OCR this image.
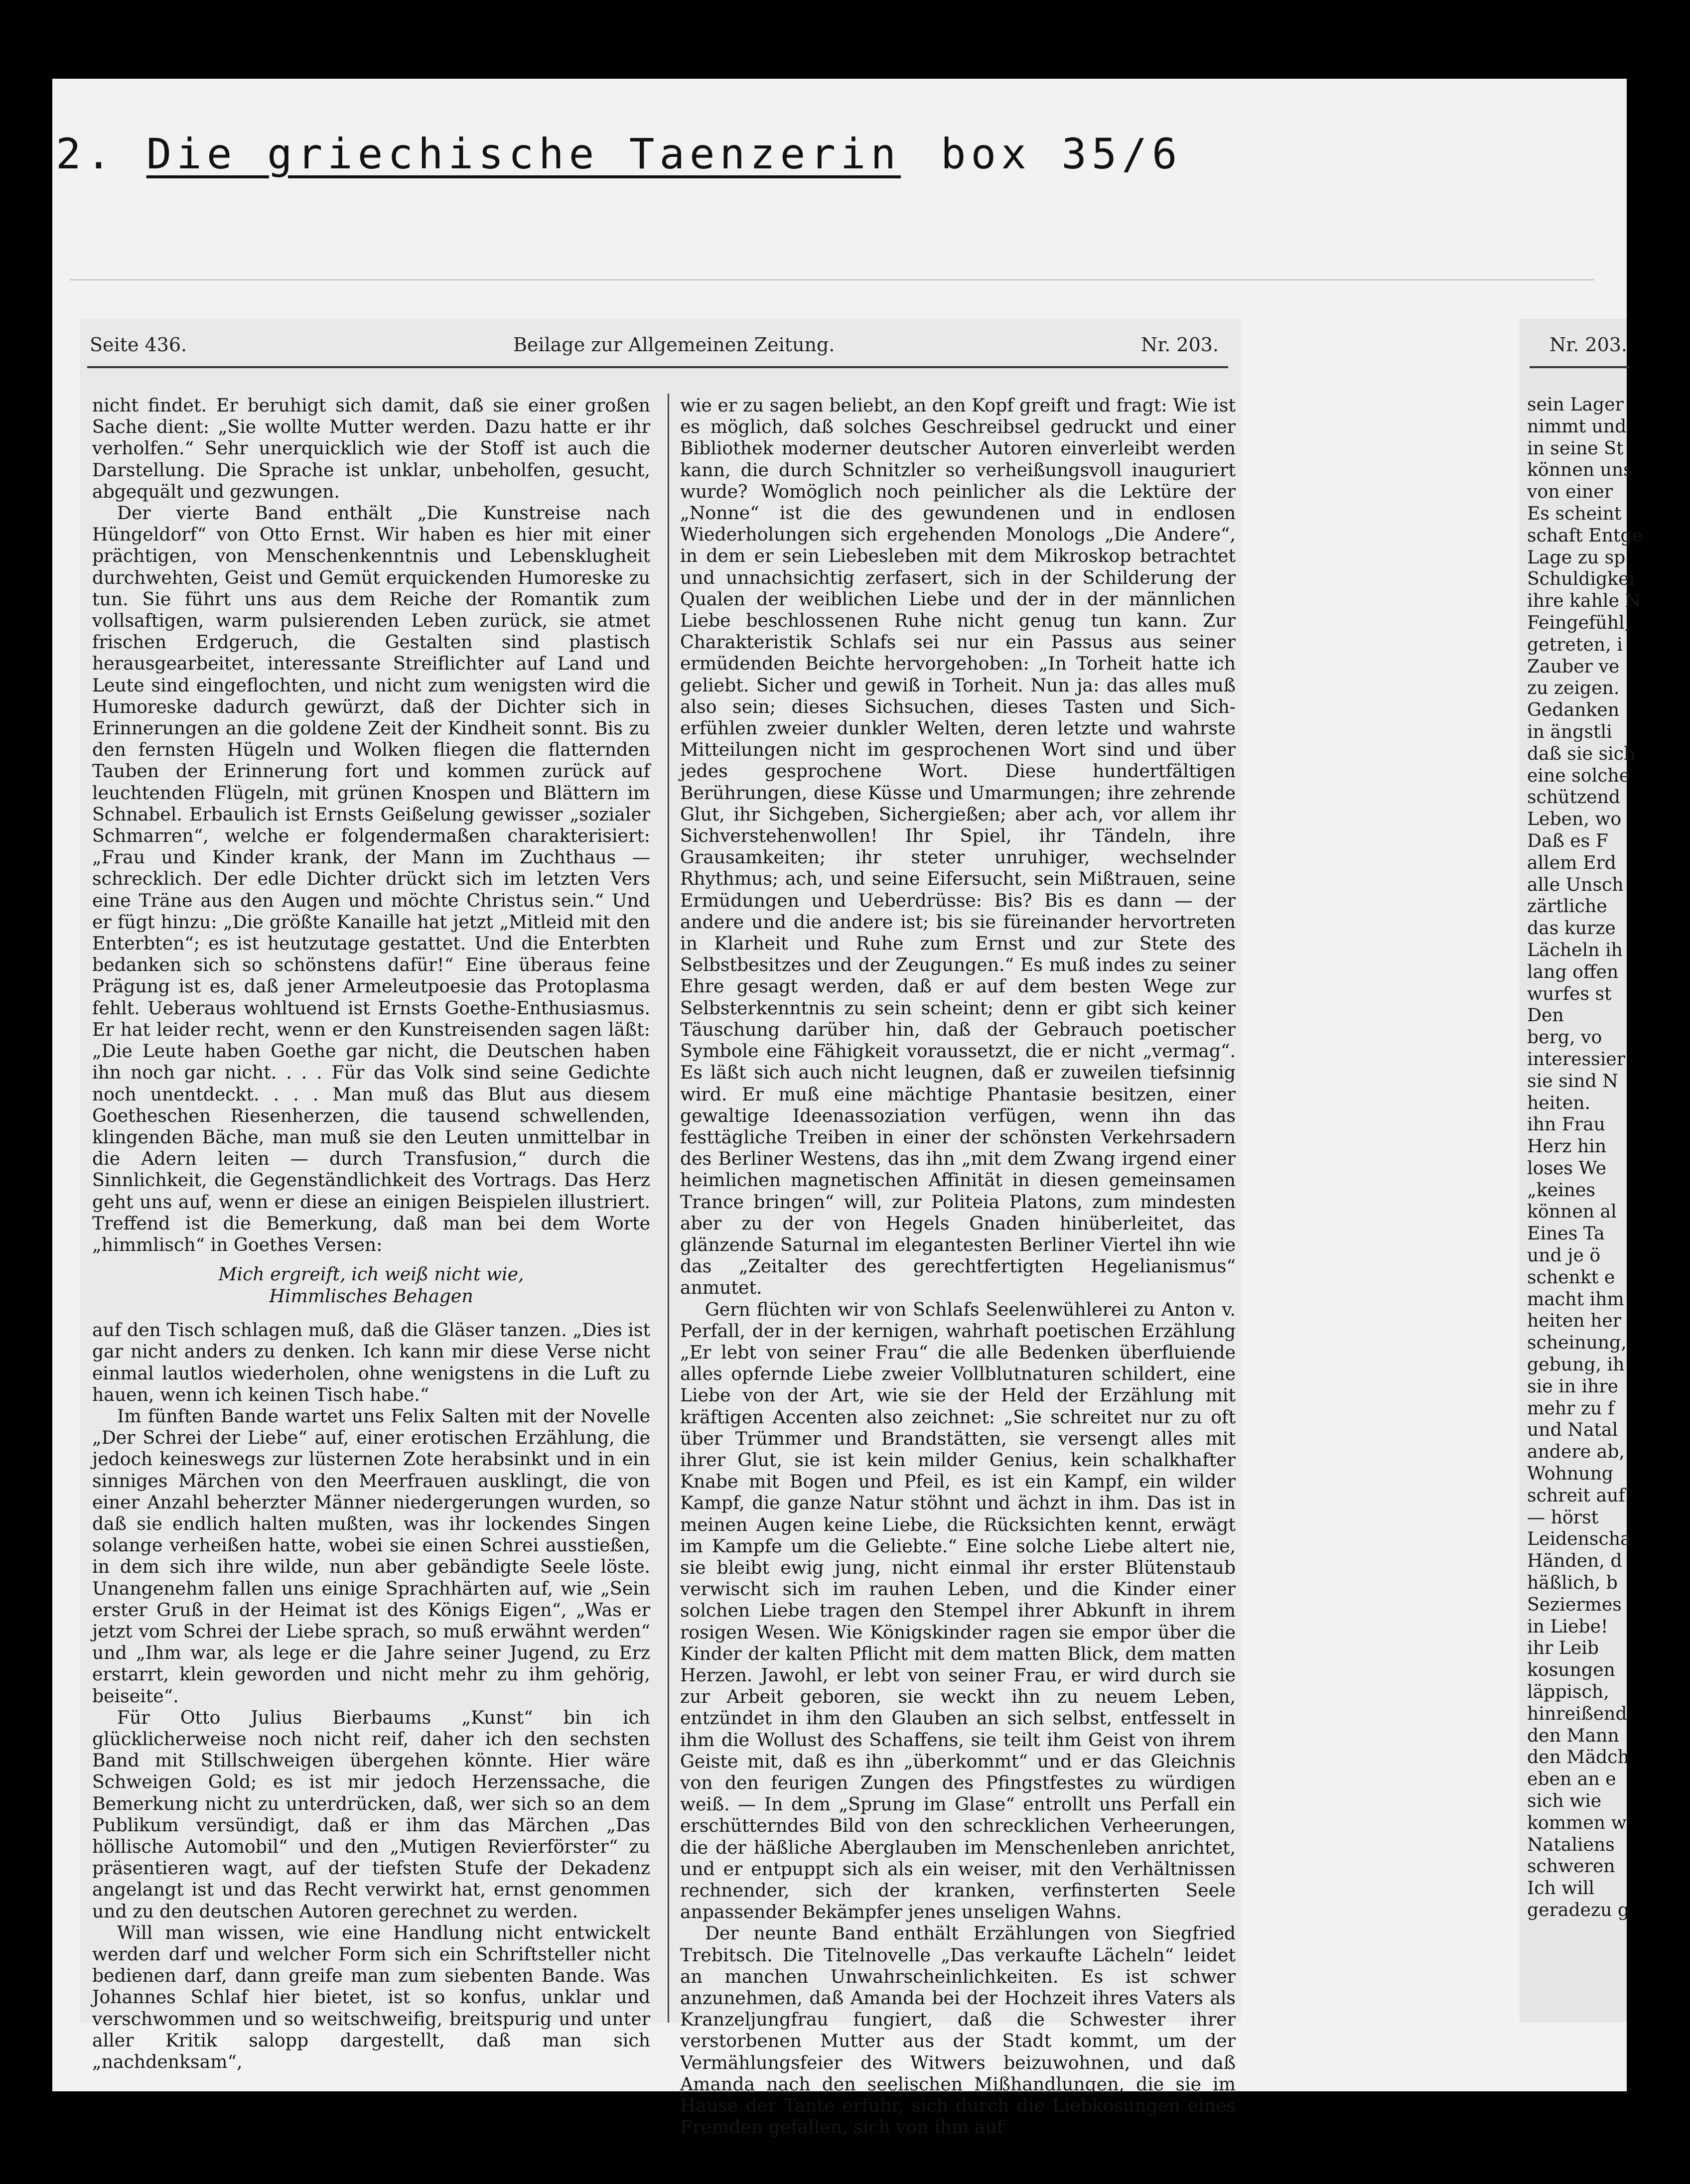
2. Die griechische Taenzerin box 35/6
Seite 436.	Beilage zur Allgemeinen Zeitung.	Nr. 203.	Nr. 203.

nicht findet. Er beruhigt sich damit, daß sie einer großen Sache dient: „Sie wollte Mutter werden. Dazu hatte er ihr verholfen.“ Sehr unerquicklich wie der Stoff ist auch die Darstellung. Die Sprache ist unklar, unbeholfen, gesucht, abgequält und gezwungen.

Der vierte Band enthält „Die Kunstreise nach Hüngeldorf“ von Otto Ernst. Wir haben es hier mit einer prächtigen, von Menschenkenntnis und Lebensklugheit durchwehten, Geist und Gemüt erquickenden Humoreske zu tun. Sie führt uns aus dem Reiche der Romantik zum vollsaftigen, warm pulsierenden Leben zurück, sie atmet frischen Erdgeruch, die Gestalten sind plastisch herausgearbeitet, interessante Streiflichter auf Land und Leute sind eingeflochten, und nicht zum wenigsten wird die Humoreske dadurch gewürzt, daß der Dichter sich in Erinnerungen an die goldene Zeit der Kindheit sonnt. Bis zu den fernsten Hügeln und Wolken fliegen die flatternden Tauben der Erinnerung fort und kommen zurück auf leuchtenden Flügeln, mit grünen Knospen und Blättern im Schnabel. Erbaulich ist Ernsts Geißelung gewisser „sozialer Schmarren“, welche er folgendermaßen charakterisiert: „Frau und Kinder krank, der Mann im Zuchthaus — schrecklich. Der edle Dichter drückt sich im letzten Vers eine Träne aus den Augen und möchte Christus sein.“ Und er fügt hinzu: „Die größte Kanaille hat jetzt „Mitleid mit den Enterbten“; es ist heutzutage gestattet. Und die Enterbten bedanken sich so schönstens dafür!“ Eine überaus feine Prägung ist es, daß jener Armeleutpoesie das Protoplasma fehlt. Ueberaus wohltuend ist Ernsts Goethe-Enthusiasmus. Er hat leider recht, wenn er den Kunstreisenden sagen läßt: „Die Leute haben Goethe gar nicht, die Deutschen haben ihn noch gar nicht. . . . Für das Volk sind seine Gedichte noch unentdeckt. . . . Man muß das Blut aus diesem Goetheschen Riesenherzen, die tausend schwellenden, klingenden Bäche, man muß sie den Leuten unmittelbar in die Adern leiten — durch Transfusion,“ durch die Sinnlichkeit, die Gegenständlichkeit des Vortrags. Das Herz geht uns auf, wenn er diese an einigen Beispielen illustriert. Treffend ist die Bemerkung, daß man bei dem Worte „himmlisch“ in Goethes Versen:

Mich ergreift, ich weiß nicht wie,
Himmlisches Behagen

auf den Tisch schlagen muß, daß die Gläser tanzen. „Dies ist gar nicht anders zu denken. Ich kann mir diese Verse nicht einmal lautlos wiederholen, ohne wenigstens in die Luft zu hauen, wenn ich keinen Tisch habe.“

Im fünften Bande wartet uns Felix Salten mit der Novelle „Der Schrei der Liebe“ auf, einer erotischen Erzählung, die jedoch keineswegs zur lüsternen Zote herabsinkt und in ein sinniges Märchen von den Meerfrauen ausklingt, die von einer Anzahl beherzter Männer niedergerungen wurden, so daß sie endlich halten mußten, was ihr lockendes Singen solange verheißen hatte, wobei sie einen Schrei ausstießen, in dem sich ihre wilde, nun aber gebändigte Seele löste. Unangenehm fallen uns einige Sprachhärten auf, wie „Sein erster Gruß in der Heimat ist des Königs Eigen“, „Was er jetzt vom Schrei der Liebe sprach, so muß erwähnt werden“ und „Ihm war, als lege er die Jahre seiner Jugend, zu Erz erstarrt, klein geworden und nicht mehr zu ihm gehörig, beiseite“.

Für Otto Julius Bierbaums „Kunst“ bin ich glücklicherweise noch nicht reif, daher ich den sechsten Band mit Stillschweigen übergehen könnte. Hier wäre Schweigen Gold; es ist mir jedoch Herzenssache, die Bemerkung nicht zu unterdrücken, daß, wer sich so an dem Publikum versündigt, daß er ihm das Märchen „Das höllische Automobil“ und den „Mutigen Revierförster“ zu präsentieren wagt, auf der tiefsten Stufe der Dekadenz angelangt ist und das Recht verwirkt hat, ernst genommen und zu den deutschen Autoren gerechnet zu werden.

Will man wissen, wie eine Handlung nicht entwickelt werden darf und welcher Form sich ein Schriftsteller nicht bedienen darf, dann greife man zum siebenten Bande. Was Johannes Schlaf hier bietet, ist so konfus, unklar und verschwommen und so weitschweifig, breitspurig und unter aller Kritik salopp dargestellt, daß man sich „nachdenksam“,

wie er zu sagen beliebt, an den Kopf greift und fragt: Wie ist es möglich, daß solches Geschreibsel gedruckt und einer Bibliothek moderner deutscher Autoren einverleibt werden kann, die durch Schnitzler so verheißungsvoll inauguriert wurde? Womöglich noch peinlicher als die Lektüre der „Nonne“ ist die des gewundenen und in endlosen Wiederholungen sich ergehenden Monologs „Die Andere“, in dem er sein Liebesleben mit dem Mikroskop betrachtet und unnachsichtig zerfasert, sich in der Schilderung der Qualen der weiblichen Liebe und der in der männlichen Liebe beschlossenen Ruhe nicht genug tun kann. Zur Charakteristik Schlafs sei nur ein Passus aus seiner ermüdenden Beichte hervorgehoben: „In Torheit hatte ich geliebt. Sicher und gewiß in Torheit. Nun ja: das alles muß also sein; dieses Sichsuchen, dieses Tasten und Sich-erfühlen zweier dunkler Welten, deren letzte und wahrste Mitteilungen nicht im gesprochenen Wort sind und über jedes gesprochene Wort. Diese hundertfältigen Berührungen, diese Küsse und Umarmungen; ihre zehrende Glut, ihr Sichgeben, Sichergießen; aber ach, vor allem ihr Sichverstehenwollen! Ihr Spiel, ihr Tändeln, ihre Grausamkeiten; ihr steter unruhiger, wechselnder Rhythmus; ach, und seine Eifersucht, sein Mißtrauen, seine Ermüdungen und Ueberdrüsse: Bis? Bis es dann — der andere und die andere ist; bis sie füreinander hervortreten in Klarheit und Ruhe zum Ernst und zur Stete des Selbstbesitzes und der Zeugungen.“ Es muß indes zu seiner Ehre gesagt werden, daß er auf dem besten Wege zur Selbsterkenntnis zu sein scheint; denn er gibt sich keiner Täuschung darüber hin, daß der Gebrauch poetischer Symbole eine Fähigkeit voraussetzt, die er nicht „vermag“. Es läßt sich auch nicht leugnen, daß er zuweilen tiefsinnig wird. Er muß eine mächtige Phantasie besitzen, einer gewaltige Ideenassoziation verfügen, wenn ihn das festtägliche Treiben in einer der schönsten Verkehrsadern des Berliner Westens, das ihn „mit dem Zwang irgend einer heimlichen magnetischen Affinität in diesen gemeinsamen Trance bringen“ will, zur Politeia Platons, zum mindesten aber zu der von Hegels Gnaden hinüberleitet, das glänzende Saturnal im elegantesten Berliner Viertel ihn wie das „Zeitalter des gerechtfertigten Hegelianismus“ anmutet.

Gern flüchten wir von Schlafs Seelenwühlerei zu Anton v. Perfall, der in der kernigen, wahrhaft poetischen Erzählung „Er lebt von seiner Frau“ die alle Bedenken überfluiende alles opfernde Liebe zweier Vollblutnaturen schildert, eine Liebe von der Art, wie sie der Held der Erzählung mit kräftigen Accenten also zeichnet: „Sie schreitet nur zu oft über Trümmer und Brandstätten, sie versengt alles mit ihrer Glut, sie ist kein milder Genius, kein schalkhafter Knabe mit Bogen und Pfeil, es ist ein Kampf, ein wilder Kampf, die ganze Natur stöhnt und ächzt in ihm. Das ist in meinen Augen keine Liebe, die Rücksichten kennt, erwägt im Kampfe um die Geliebte.“ Eine solche Liebe altert nie, sie bleibt ewig jung, nicht einmal ihr erster Blütenstaub verwischt sich im rauhen Leben, und die Kinder einer solchen Liebe tragen den Stempel ihrer Abkunft in ihrem rosigen Wesen. Wie Königskinder ragen sie empor über die Kinder der kalten Pflicht mit dem matten Blick, dem matten Herzen. Jawohl, er lebt von seiner Frau, er wird durch sie zur Arbeit geboren, sie weckt ihn zu neuem Leben, entzündet in ihm den Glauben an sich selbst, entfesselt in ihm die Wollust des Schaffens, sie teilt ihm Geist von ihrem Geiste mit, daß es ihn „überkommt“ und er das Gleichnis von den feurigen Zungen des Pfingstfestes zu würdigen weiß. — In dem „Sprung im Glase“ entrollt uns Perfall ein erschütterndes Bild von den schrecklichen Verheerungen, die der häßliche Aberglauben im Menschenleben anrichtet, und er entpuppt sich als ein weiser, mit den Verhältnissen rechnender, sich der kranken, verfinsterten Seele anpassender Bekämpfer jenes unseligen Wahns.

Der neunte Band enthält Erzählungen von Siegfried Trebitsch. Die Titelnovelle „Das verkaufte Lächeln“ leidet an manchen Unwahrscheinlichkeiten. Es ist schwer anzunehmen, daß Amanda bei der Hochzeit ihres Vaters als Kranzeljungfrau fungiert, daß die Schwester ihrer verstorbenen Mutter aus der Stadt kommt, um der Vermählungsfeier des Witwers beizuwohnen, und daß Amanda nach den seelischen Mißhandlungen, die sie im Hause der Tante erfuhr, sich durch die Liebkosungen eines Fremden gefallen, sich von ihm auf

sein Lager
nimmt und
in seine St
können uns
von einer
Es scheint
schaft Entge
Lage zu sp
Schuldigkei
ihre kahle N
Feingefühl,
getreten, i
Zauber ve
zu zeigen.
Gedanken
in ängstli
daß sie sich
eine solche
schützend
Leben, wo
Daß es F
allem Erd
alle Unsch
zärtliche
das kurze
Lächeln ih
lang offen
wurfes st
Den
berg, vo
interessier
sie sind N
heiten.
ihn Frau
Herz hin
loses We
„keines
können al
Eines Ta
und je ö
schenkt e
macht ihm
heiten her
scheinung,
gebung, ih
sie in ihre
mehr zu f
und Natal
andere ab,
Wohnung
schreit auf
— hörst
Leidenscha
Händen, d
häßlich, b
Seziermes
in Liebe!
ihr Leib
kosungen
läppisch,
hinreißend
den Mann
den Mädch
eben an e
sich wie
kommen w
Nataliens
schweren
Ich will
geradezu g
